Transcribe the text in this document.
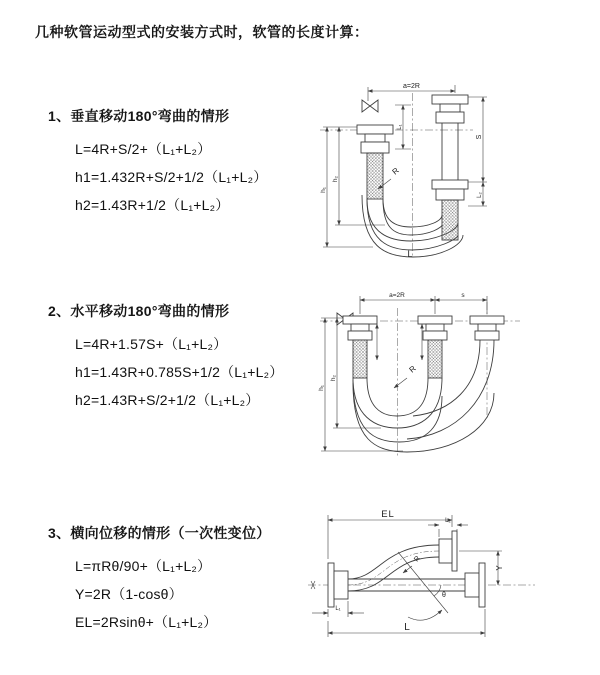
几种软管运动型式的安装方式时，软管的长度计算：
1、垂直移动180°弯曲的情形
L=4R+S/2+（L₁+L₂）
h1=1.432R+S/2+1/2（L₁+L₂）
h2=1.43R+1/2（L₁+L₂）
2、水平移动180°弯曲的情形
L=4R+1.57S+（L₁+L₂）
h1=1.43R+0.785S+1/2（L₁+L₂）
h2=1.43R+S/2+1/2（L₁+L₂）
3、横向位移的情形（一次性变位）
L=πRθ/90+（L₁+L₂）
Y=2R（1-cosθ）
EL=2Rsinθ+（L₁+L₂）
a=2R
R
h₁
h₂
L₁
S
L₂
L
a=2R	s
R
h₁
h₂
θ
R
EL
L₂
Y
L₁
L
